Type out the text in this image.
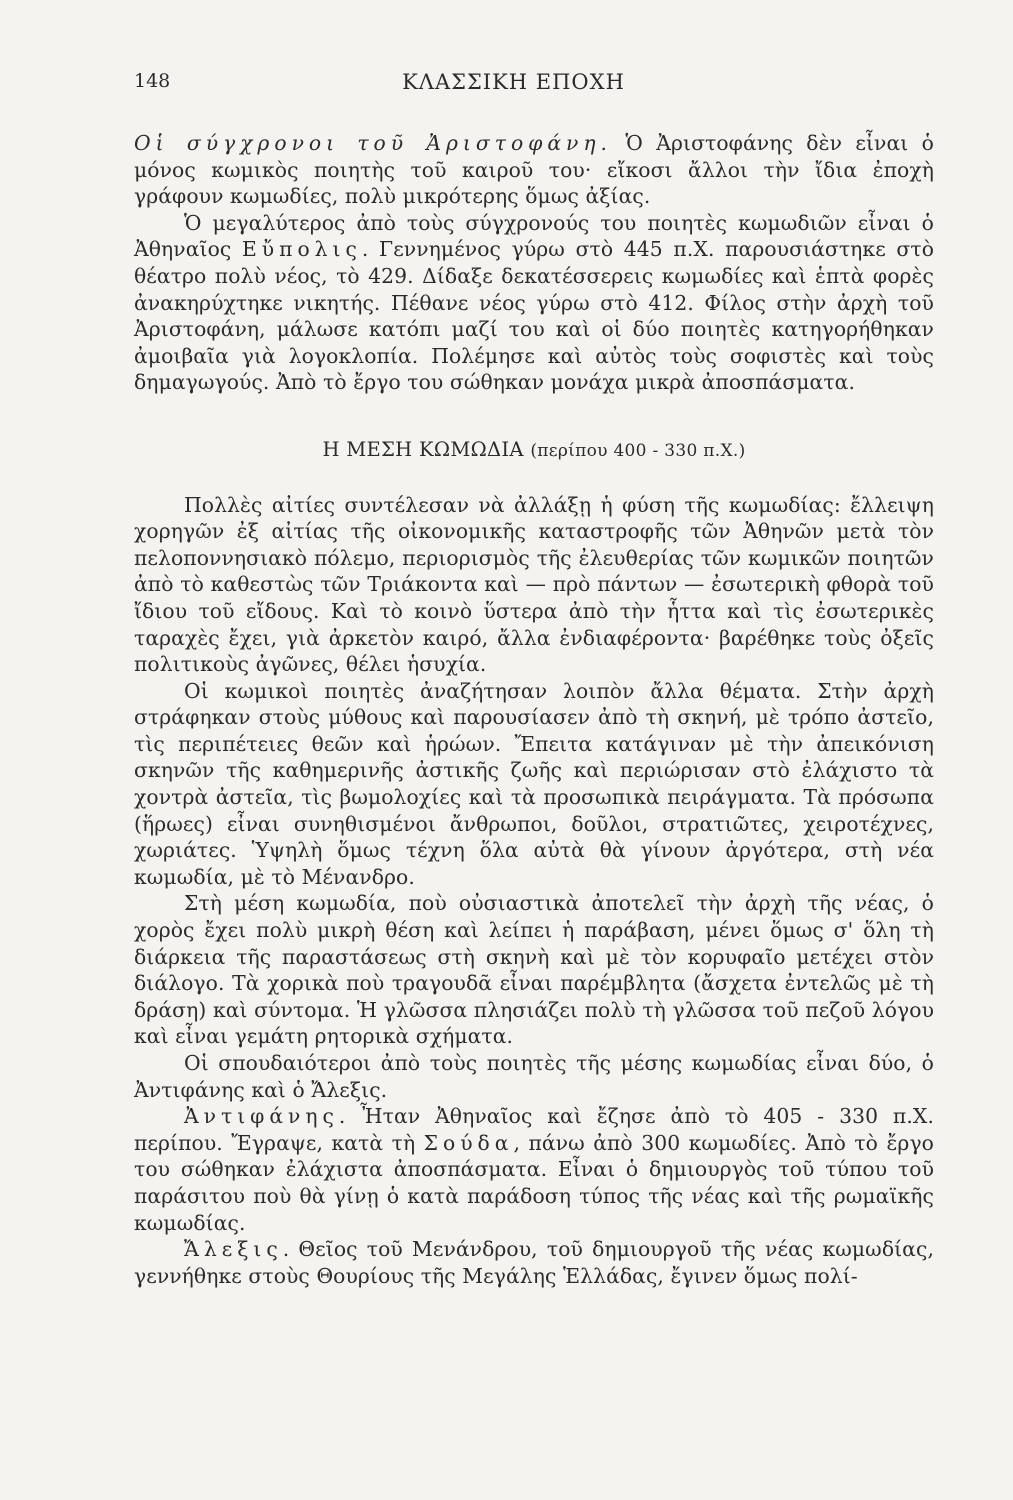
148	ΚΛΑΣΣΙΚΗ ΕΠΟΧΗ

Οἱ σύγχρονοι τοῦ Ἀριστοφάνη. Ὁ Ἀριστοφάνης δὲν εἶναι ὁ μόνος κωμικὸς ποιητὴς τοῦ καιροῦ του· εἴκοσι ἄλλοι τὴν ἴδια ἐποχὴ γράφουν κωμωδίες, πολὺ μικρότερης ὅμως ἀξίας.

Ὁ μεγαλύτερος ἀπὸ τοὺς σύγχρονούς του ποιητὲς κωμωδιῶν εἶναι ὁ Ἀθηναῖος Εὔπολις. Γεννημένος γύρω στὸ 445 π.Χ. παρουσιάστηκε στὸ θέατρο πολὺ νέος, τὸ 429. Δίδαξε δεκατέσσερεις κωμωδίες καὶ ἑπτὰ φορὲς ἀνακηρύχτηκε νικητής. Πέθανε νέος γύρω στὸ 412. Φίλος στὴν ἀρχὴ τοῦ Ἀριστοφάνη, μάλωσε κατόπι μαζί του καὶ οἱ δύο ποιητὲς κατηγορήθηκαν ἀμοιβαῖα γιὰ λογοκλοπία. Πολέμησε καὶ αὐτὸς τοὺς σοφιστὲς καὶ τοὺς δημαγωγούς. Ἀπὸ τὸ ἔργο του σώθηκαν μονάχα μικρὰ ἀποσπάσματα.

Η ΜΕΣΗ ΚΩΜΩΔΙΑ (περίπου 400 - 330 π.Χ.)

Πολλὲς αἰτίες συντέλεσαν νὰ ἀλλάξῃ ἡ φύση τῆς κωμωδίας: ἔλλειψη χορηγῶν ἐξ αἰτίας τῆς οἰκονομικῆς καταστροφῆς τῶν Ἀθηνῶν μετὰ τὸν πελοποννησιακὸ πόλεμο, περιορισμὸς τῆς ἐλευθερίας τῶν κωμικῶν ποιητῶν ἀπὸ τὸ καθεστὼς τῶν Τριάκοντα καὶ — πρὸ πάντων — ἐσωτερικὴ φθορὰ τοῦ ἴδιου τοῦ εἴδους. Καὶ τὸ κοινὸ ὕστερα ἀπὸ τὴν ἧττα καὶ τὶς ἐσωτερικὲς ταραχὲς ἔχει, γιὰ ἀρκετὸν καιρό, ἄλλα ἐνδιαφέροντα· βαρέθηκε τοὺς ὀξεῖς πολιτικοὺς ἀγῶνες, θέλει ἡσυχία.

Οἱ κωμικοὶ ποιητὲς ἀναζήτησαν λοιπὸν ἄλλα θέματα. Στὴν ἀρχὴ στράφηκαν στοὺς μύθους καὶ παρουσίασεν ἀπὸ τὴ σκηνή, μὲ τρόπο ἀστεῖο, τὶς περιπέτειες θεῶν καὶ ἡρώων. Ἔπειτα κατάγιναν μὲ τὴν ἀπεικόνιση σκηνῶν τῆς καθημερινῆς ἀστικῆς ζωῆς καὶ περιώρισαν στὸ ἐλάχιστο τὰ χοντρὰ ἀστεῖα, τὶς βωμολοχίες καὶ τὰ προσωπικὰ πειράγματα. Τὰ πρόσωπα (ἥρωες) εἶναι συνηθισμένοι ἄνθρωποι, δοῦλοι, στρατιῶτες, χειροτέχνες, χωριάτες. Ὑψηλὴ ὅμως τέχνη ὅλα αὐτὰ θὰ γίνουν ἀργότερα, στὴ νέα κωμωδία, μὲ τὸ Μένανδρο.

Στὴ μέση κωμωδία, ποὺ οὐσιαστικὰ ἀποτελεῖ τὴν ἀρχὴ τῆς νέας, ὁ χορὸς ἔχει πολὺ μικρὴ θέση καὶ λείπει ἡ παράβαση, μένει ὅμως σ' ὅλη τὴ διάρκεια τῆς παραστάσεως στὴ σκηνὴ καὶ μὲ τὸν κορυφαῖο μετέχει στὸν διάλογο. Τὰ χορικὰ ποὺ τραγουδᾶ εἶναι παρέμβλητα (ἄσχετα ἐντελῶς μὲ τὴ δράση) καὶ σύντομα. Ἡ γλῶσσα πλησιάζει πολὺ τὴ γλῶσσα τοῦ πεζοῦ λόγου καὶ εἶναι γεμάτη ρητορικὰ σχήματα.

Οἱ σπουδαιότεροι ἀπὸ τοὺς ποιητὲς τῆς μέσης κωμωδίας εἶναι δύο, ὁ Ἀντιφάνης καὶ ὁ Ἄλεξις.

Ἀντιφάνης. Ἦταν Ἀθηναῖος καὶ ἔζησε ἀπὸ τὸ 405 - 330 π.Χ. περίπου. Ἔγραψε, κατὰ τὴ Σούδα, πάνω ἀπὸ 300 κωμωδίες. Ἀπὸ τὸ ἔργο του σώθηκαν ἐλάχιστα ἀποσπάσματα. Εἶναι ὁ δημιουργὸς τοῦ τύπου τοῦ παράσιτου ποὺ θὰ γίνῃ ὁ κατὰ παράδοση τύπος τῆς νέας καὶ τῆς ρωμαϊκῆς κωμωδίας.

Ἄλεξις. Θεῖος τοῦ Μενάνδρου, τοῦ δημιουργοῦ τῆς νέας κωμωδίας, γεννήθηκε στοὺς Θουρίους τῆς Μεγάλης Ἑλλάδας, ἔγινεν ὅμως πολί-
